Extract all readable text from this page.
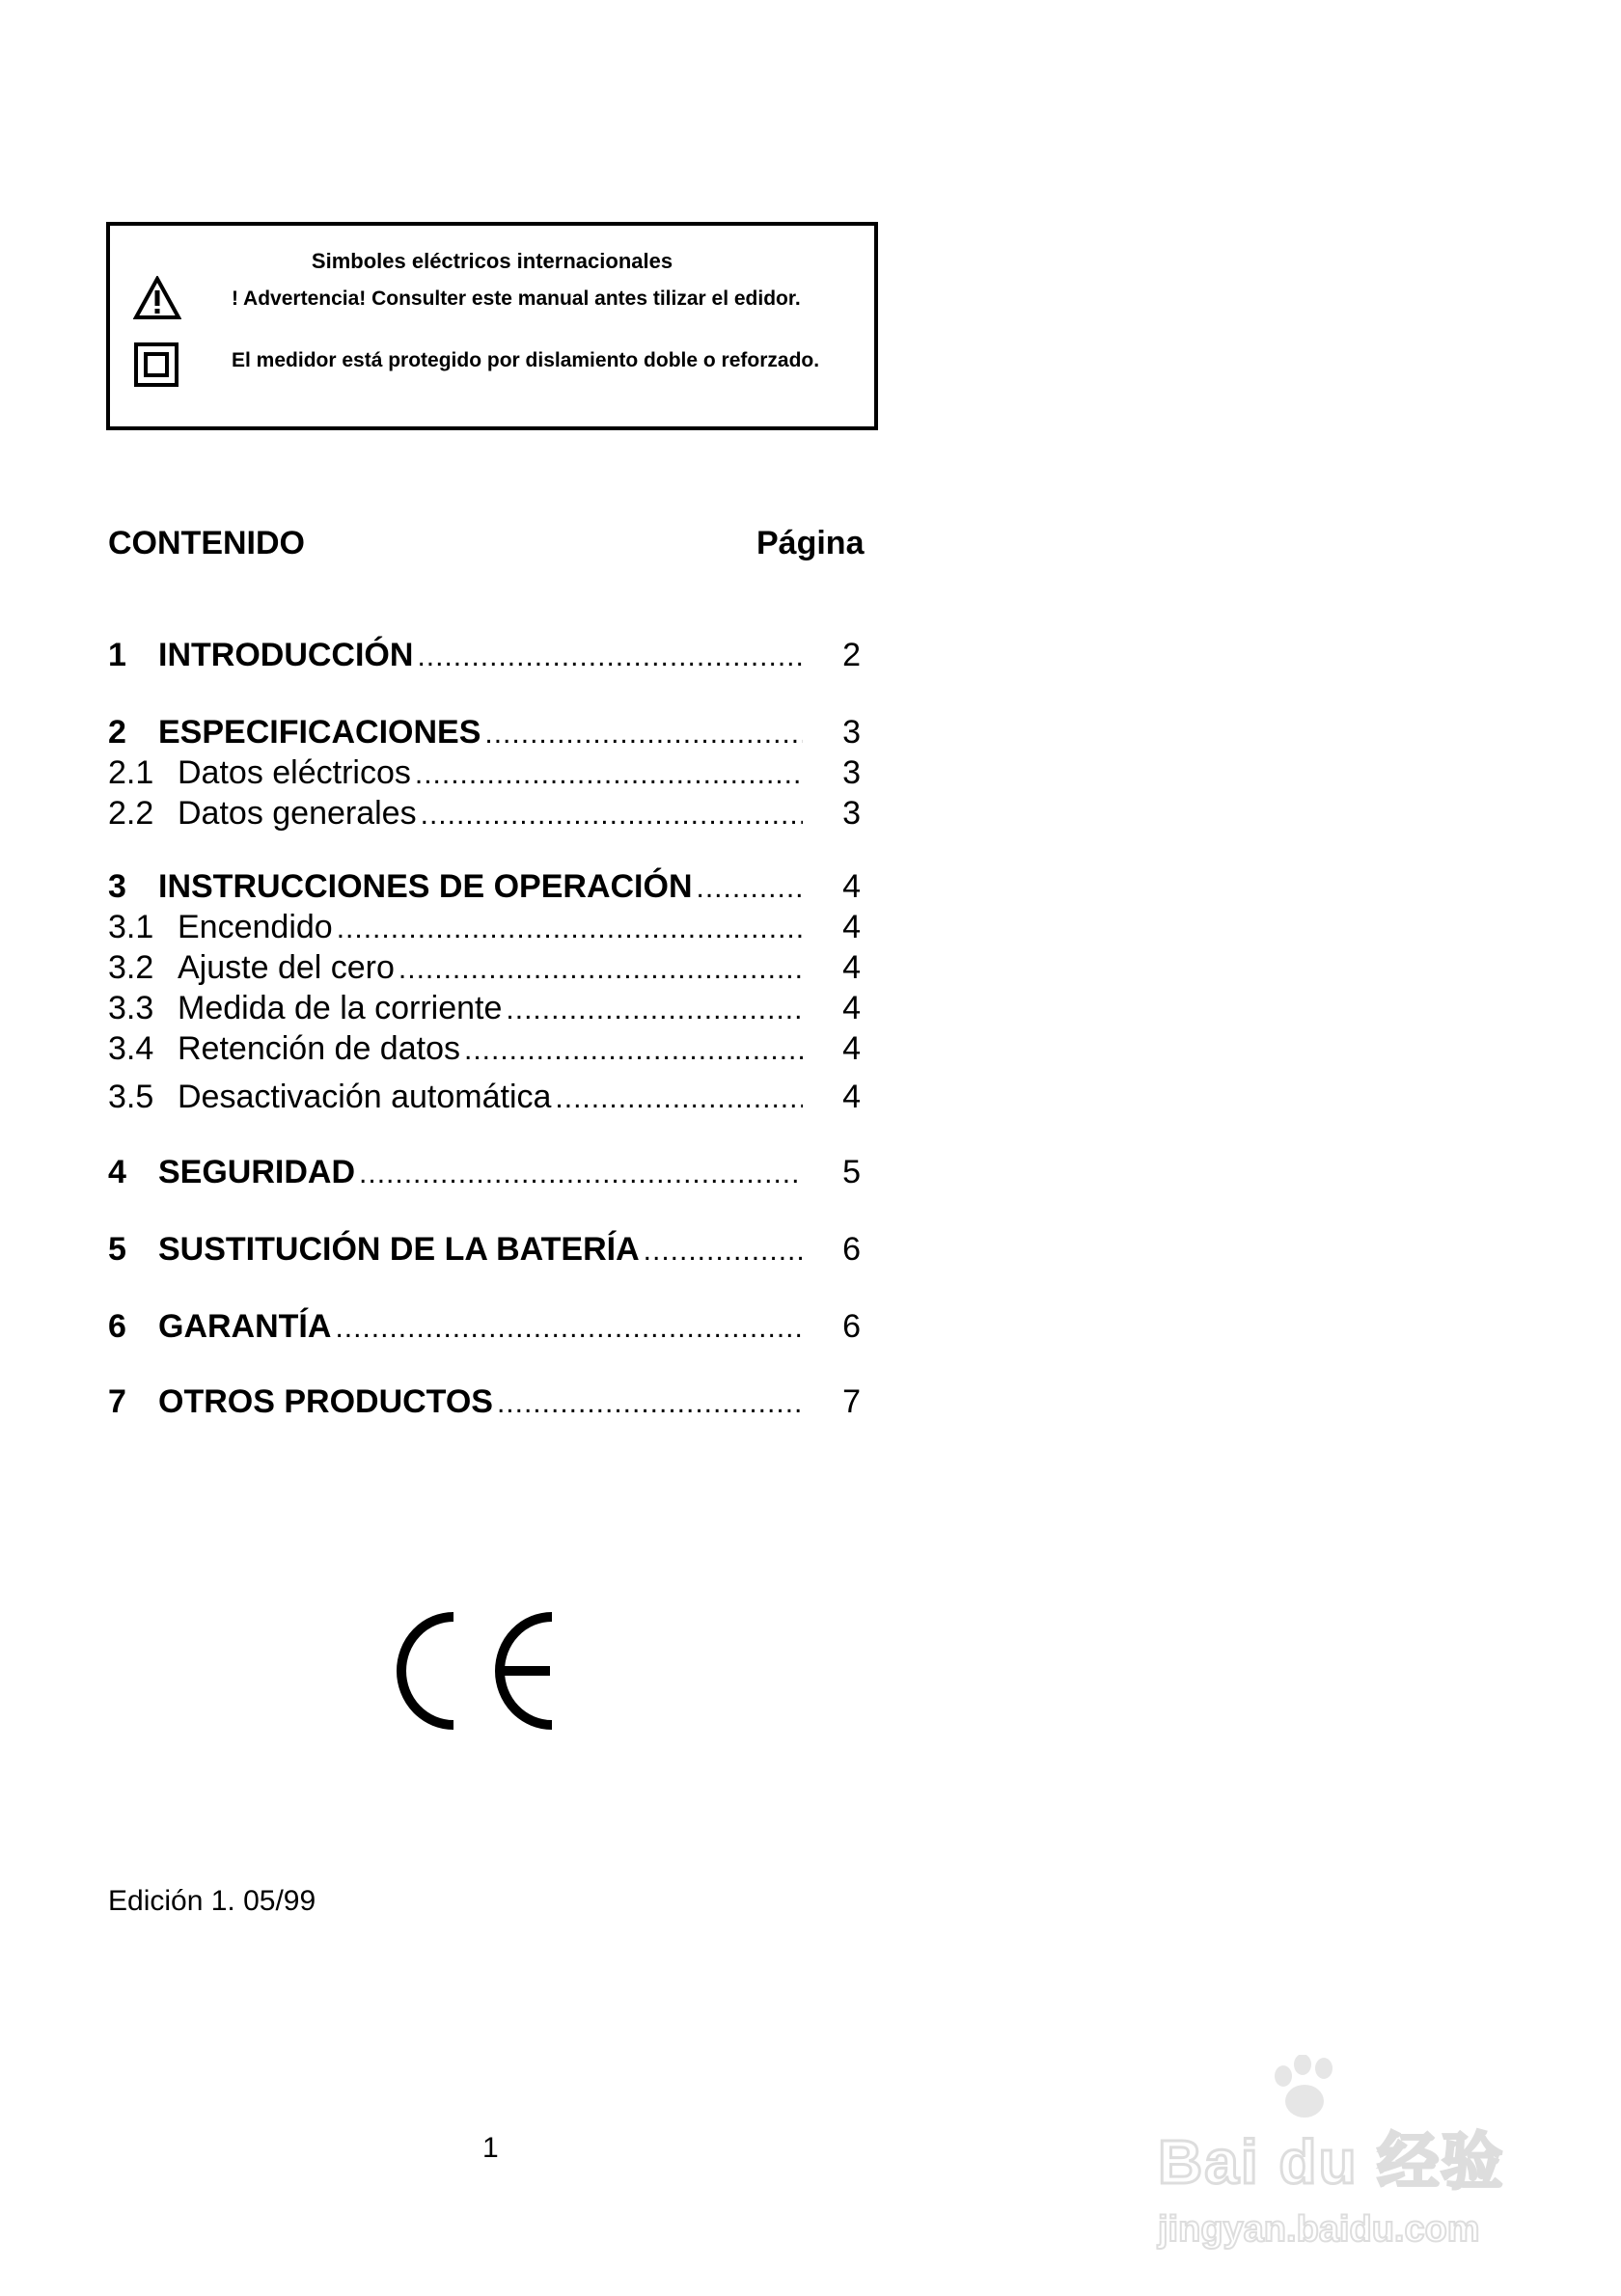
Simboles eléctricos internacionales
! Advertencia! Consulter este manual antes tilizar el edidor.
El medidor está protegido por dislamiento doble o reforzado.
CONTENIDO	Página
1 INTRODUCCIÓN .....	2
2 ESPECIFICACIONES .....	3
2.1 Datos eléctricos .....	3
2.2 Datos generales .....	3
3 INSTRUCCIONES DE OPERACIÓN .....	4
3.1 Encendido .....	4
3.2 Ajuste del cero .....	4
3.3 Medida de la corriente .....	4
3.4 Retención de datos .....	4
3.5 Desactivación automática .....	4
4 SEGURIDAD .....	5
5 SUSTITUCIÓN DE LA BATERÍA .....	6
6 GARANTÍA .....	6
7 OTROS PRODUCTOS .....	7
Edición 1. 05/99
1	Bai du 经验
jingyan.baidu.com
